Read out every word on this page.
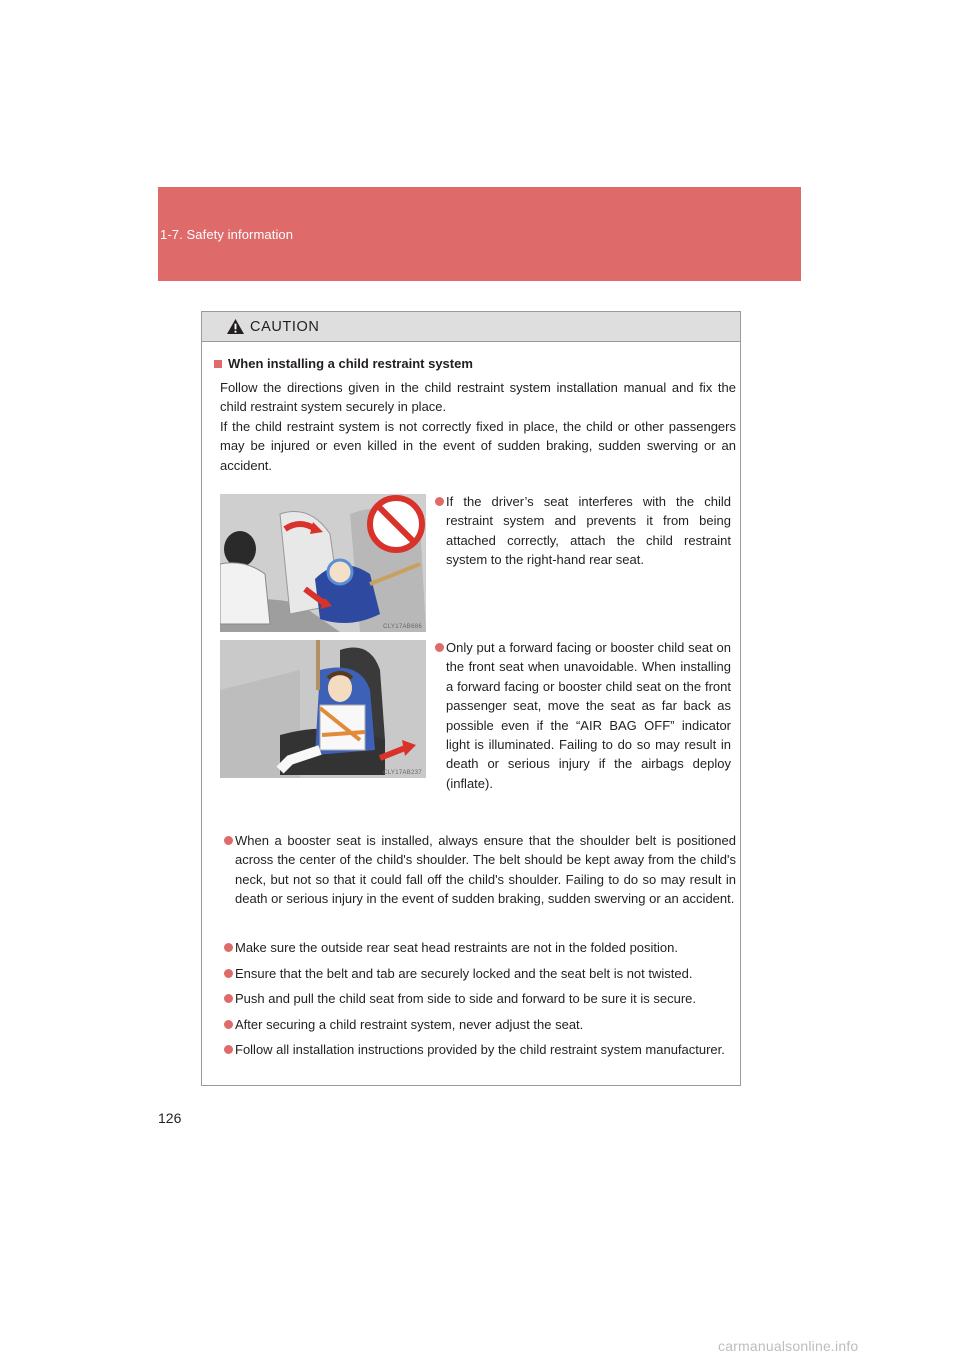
1-7. Safety information
CAUTION
When installing a child restraint system
Follow the directions given in the child restraint system installation manual and fix the child restraint system securely in place.
If the child restraint system is not correctly fixed in place, the child or other passengers may be injured or even killed in the event of sudden braking, sudden swerving or an accident.
CLY17AB686
If the driver’s seat interferes with the child restraint system and prevents it from being attached correctly, attach the child restraint system to the right-hand rear seat.
CLY17AB237
Only put a forward facing or booster child seat on the front seat when unavoidable. When installing a forward facing or booster child seat on the front passenger seat, move the seat as far back as possible even if the “AIR BAG OFF” indicator light is illuminated. Failing to do so may result in death or serious injury if the airbags deploy (inflate).
When a booster seat is installed, always ensure that the shoulder belt is positioned across the center of the child's shoulder. The belt should be kept away from the child's neck, but not so that it could fall off the child's shoulder. Failing to do so may result in death or serious injury in the event of sudden braking, sudden swerving or an accident.
Make sure the outside rear seat head restraints are not in the folded position.
Ensure that the belt and tab are securely locked and the seat belt is not twisted.
Push and pull the child seat from side to side and forward to be sure it is secure.
After securing a child restraint system, never adjust the seat.
Follow all installation instructions provided by the child restraint system manufacturer.
126
carmanualsonline.info
